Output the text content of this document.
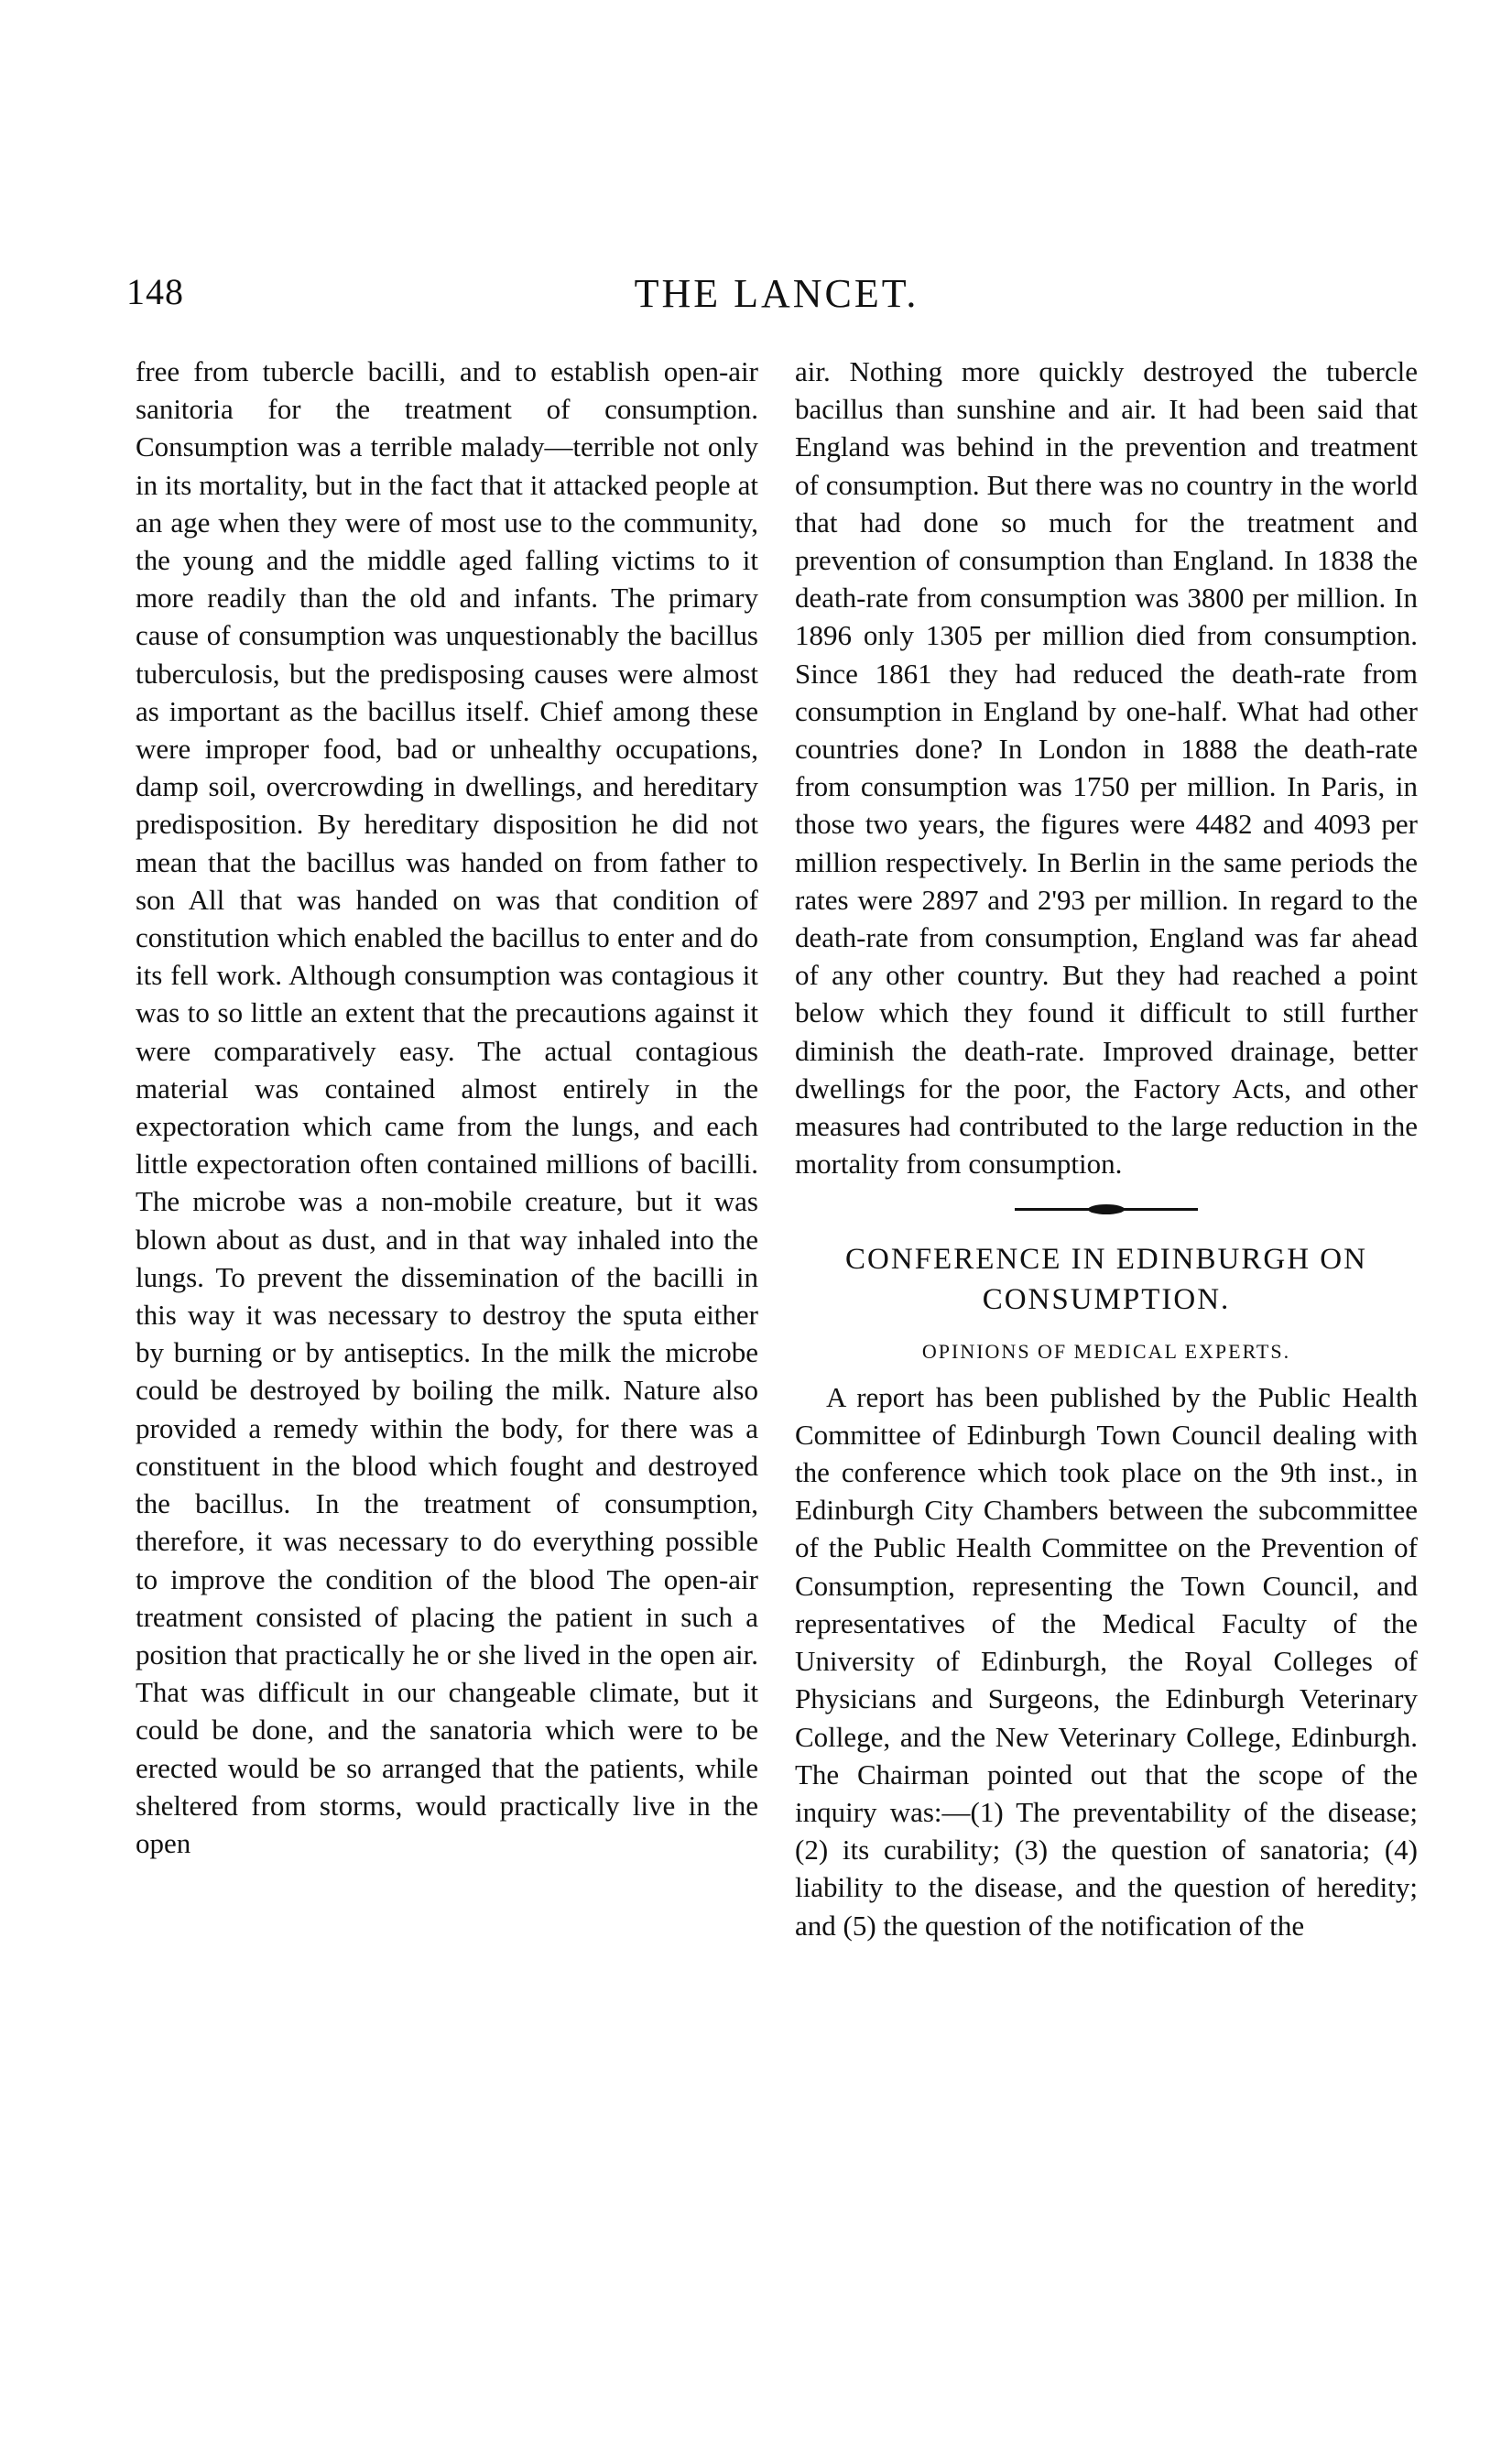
148	THE LANCET.

free from tubercle bacilli, and to establish open-air sanitoria for the treatment of consumption. Consumption was a terrible malady—terrible not only in its mortality, but in the fact that it attacked people at an age when they were of most use to the community, the young and the middle aged falling victims to it more readily than the old and infants. The primary cause of consumption was unquestionably the bacillus tuberculosis, but the predisposing causes were almost as important as the bacillus itself. Chief among these were improper food, bad or unhealthy occupations, damp soil, overcrowding in dwellings, and hereditary predisposition. By hereditary disposition he did not mean that the bacillus was handed on from father to son All that was handed on was that condition of constitution which enabled the bacillus to enter and do its fell work. Although consumption was contagious it was to so little an extent that the precautions against it were comparatively easy. The actual contagious material was contained almost entirely in the expectoration which came from the lungs, and each little expectoration often contained millions of bacilli. The microbe was a non-mobile creature, but it was blown about as dust, and in that way inhaled into the lungs. To prevent the dissemination of the bacilli in this way it was necessary to destroy the sputa either by burning or by antiseptics. In the milk the microbe could be destroyed by boiling the milk. Nature also provided a remedy within the body, for there was a constituent in the blood which fought and destroyed the bacillus. In the treatment of consumption, therefore, it was necessary to do everything possible to improve the condition of the blood The open-air treatment consisted of placing the patient in such a position that practically he or she lived in the open air. That was difficult in our changeable climate, but it could be done, and the sanatoria which were to be erected would be so arranged that the patients, while sheltered from storms, would practically live in the open

air. Nothing more quickly destroyed the tubercle bacillus than sunshine and air. It had been said that England was behind in the prevention and treatment of consumption. But there was no country in the world that had done so much for the treatment and prevention of consumption than England. In 1838 the death-rate from consumption was 3800 per million. In 1896 only 1305 per million died from consumption. Since 1861 they had reduced the death-rate from consumption in England by one-half. What had other countries done? In London in 1888 the death-rate from consumption was 1750 per million. In Paris, in those two years, the figures were 4482 and 4093 per million respectively. In Berlin in the same periods the rates were 2897 and 2'93 per million. In regard to the death-rate from consumption, England was far ahead of any other country. But they had reached a point below which they found it difficult to still further diminish the death-rate. Improved drainage, better dwellings for the poor, the Factory Acts, and other measures had contributed to the large reduction in the mortality from consumption.

CONFERENCE IN EDINBURGH ON CONSUMPTION.
OPINIONS OF MEDICAL EXPERTS.

A report has been published by the Public Health Committee of Edinburgh Town Council dealing with the conference which took place on the 9th inst., in Edinburgh City Chambers between the subcommittee of the Public Health Committee on the Prevention of Consumption, representing the Town Council, and representatives of the Medical Faculty of the University of Edinburgh, the Royal Colleges of Physicians and Surgeons, the Edinburgh Veterinary College, and the New Veterinary College, Edinburgh. The Chairman pointed out that the scope of the inquiry was:—(1) The preventability of the disease; (2) its curability; (3) the question of sanatoria; (4) liability to the disease, and the question of heredity; and (5) the question of the notification of the
